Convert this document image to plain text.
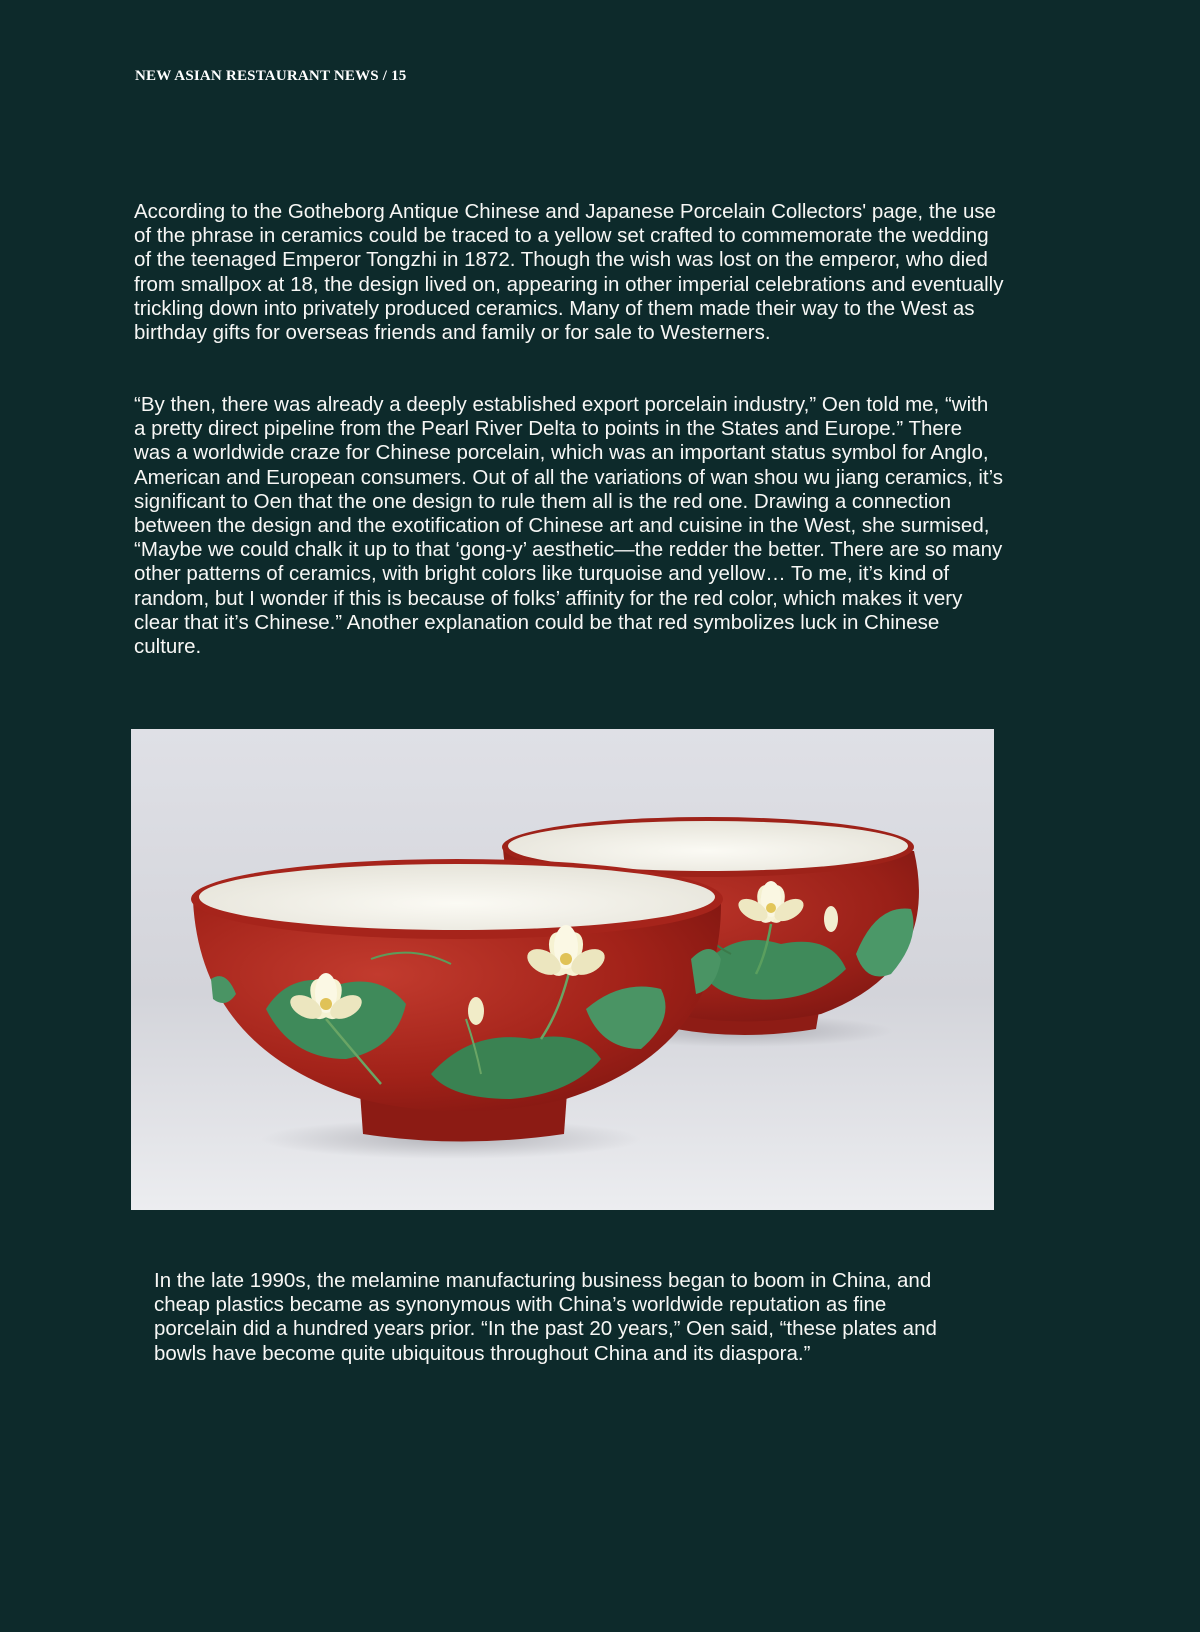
NEW ASIAN RESTAURANT NEWS / 15

According to the Gotheborg Antique Chinese and Japanese Porcelain Collectors' page, the use of the phrase in ceramics could be traced to a yellow set crafted to commemorate the wedding of the teenaged Emperor Tongzhi in 1872. Though the wish was lost on the emperor, who died from smallpox at 18, the design lived on, appearing in other imperial celebrations and eventually trickling down into privately produced ceramics. Many of them made their way to the West as birthday gifts for overseas friends and family or for sale to Westerners.

“By then, there was already a deeply established export porcelain industry,” Oen told me, “with a pretty direct pipeline from the Pearl River Delta to points in the States and Europe.” There was a worldwide craze for Chinese porcelain, which was an important status symbol for Anglo, American and European consumers. Out of all the variations of wan shou wu jiang ceramics, it’s significant to Oen that the one design to rule them all is the red one. Drawing a connection between the design and the exotification of Chinese art and cuisine in the West, she surmised, “Maybe we could chalk it up to that ‘gong-y’ aesthetic—the redder the better. There are so many other patterns of ceramics, with bright colors like turquoise and yellow… To me, it’s kind of random, but I wonder if this is because of folks’ affinity for the red color, which makes it very clear that it’s Chinese.” Another explanation could be that red symbolizes luck in Chinese culture.

In the late 1990s, the melamine manufacturing business began to boom in China, and cheap plastics became as synonymous with China’s worldwide reputation as fine porcelain did a hundred years prior. “In the past 20 years,” Oen said, “these plates and bowls have become quite ubiquitous throughout China and its diaspora.”
